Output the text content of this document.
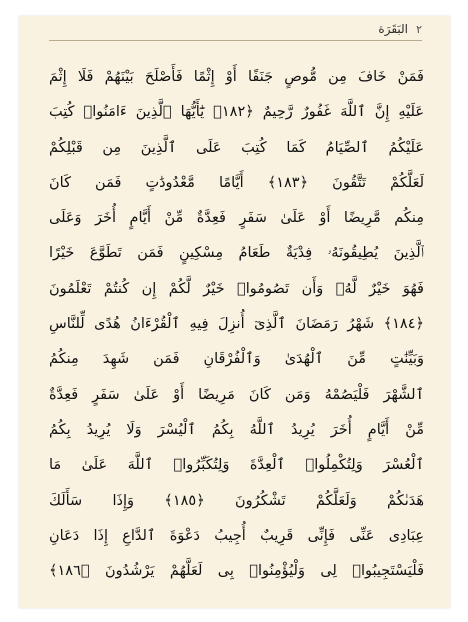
٢
البَقَرَة
فَمَنْ خَافَ مِن مُّوصٍ جَنَفًا أَوْ إِثْمًا فَأَصْلَحَ بَيْنَهُمْ فَلَا إِثْمَ
عَلَيْهِ إِنَّ ٱللَّهَ غَفُورٌ رَّحِيمٌ ﴿١٨٢﴾ يَٰٓأَيُّهَا ٱلَّذِينَ ءَامَنُوا۟ كُتِبَ
عَلَيْكُمُ ٱلصِّيَامُ كَمَا كُتِبَ عَلَى ٱلَّذِينَ مِن قَبْلِكُمْ
لَعَلَّكُمْ تَتَّقُونَ ﴿١٨٣﴾ أَيَّامًا مَّعْدُودَٰتٍ فَمَن كَانَ
مِنكُم مَّرِيضًا أَوْ عَلَىٰ سَفَرٍ فَعِدَّةٌ مِّنْ أَيَّامٍ أُخَرَ وَعَلَى
ٱلَّذِينَ يُطِيقُونَهُۥ فِدْيَةٌ طَعَامُ مِسْكِينٍ فَمَن تَطَوَّعَ خَيْرًا
فَهُوَ خَيْرٌ لَّهُۥ وَأَن تَصُومُوا۟ خَيْرٌ لَّكُمْ إِن كُنتُمْ تَعْلَمُونَ
﴿١٨٤﴾ شَهْرُ رَمَضَانَ ٱلَّذِىٓ أُنزِلَ فِيهِ ٱلْقُرْءَانُ هُدًى لِّلنَّاسِ
وَبَيِّنَٰتٍ مِّنَ ٱلْهُدَىٰ وَٱلْفُرْقَانِ فَمَن شَهِدَ مِنكُمُ
ٱلشَّهْرَ فَلْيَصُمْهُ وَمَن كَانَ مَرِيضًا أَوْ عَلَىٰ سَفَرٍ فَعِدَّةٌ
مِّنْ أَيَّامٍ أُخَرَ يُرِيدُ ٱللَّهُ بِكُمُ ٱلْيُسْرَ وَلَا يُرِيدُ بِكُمُ
ٱلْعُسْرَ وَلِتُكْمِلُوا۟ ٱلْعِدَّةَ وَلِتُكَبِّرُوا۟ ٱللَّهَ عَلَىٰ مَا
هَدَىٰكُمْ وَلَعَلَّكُمْ تَشْكُرُونَ ﴿١٨٥﴾ وَإِذَا سَأَلَكَ
عِبَادِى عَنِّى فَإِنِّى قَرِيبٌ أُجِيبُ دَعْوَةَ ٱلدَّاعِ إِذَا دَعَانِ
فَلْيَسْتَجِيبُوا۟ لِى وَلْيُؤْمِنُوا۟ بِى لَعَلَّهُمْ يَرْشُدُونَ ﴿١٨٦﴾
